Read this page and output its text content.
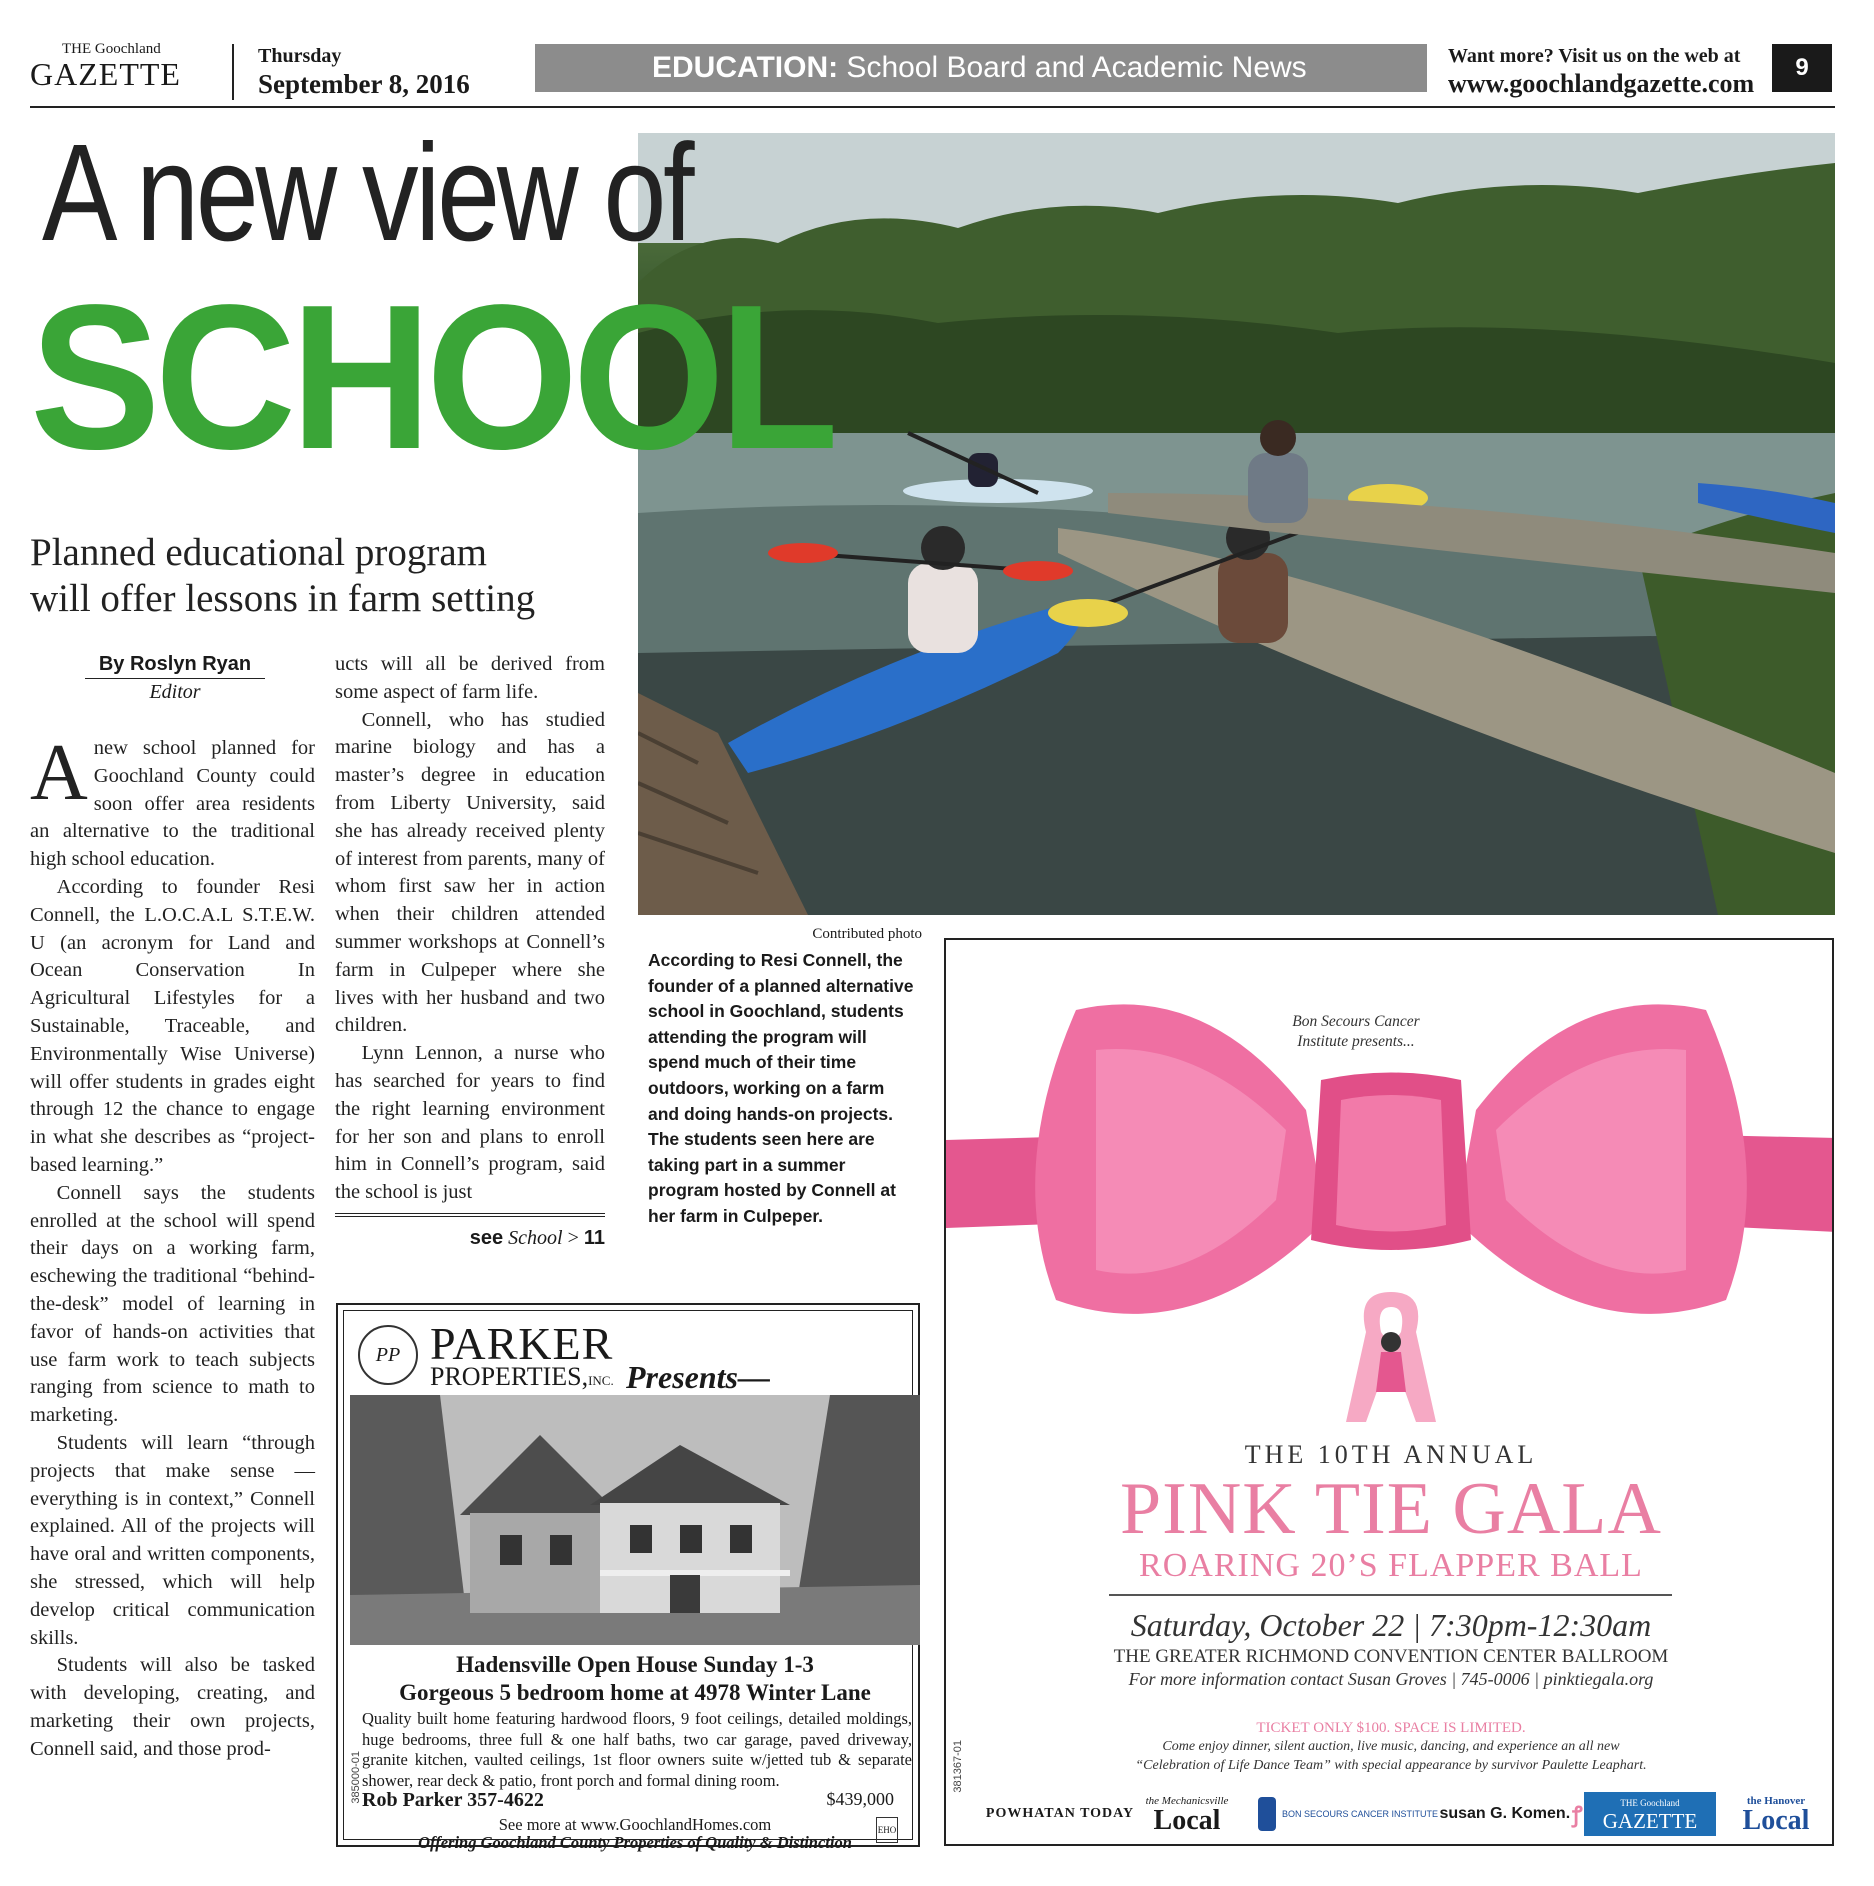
THE Goochland
GAZETTE	Thursday
September 8, 2016	EDUCATION: School Board and Academic News	Want more? Visit us on the web at
www.goochlandgazette.com
9
A new view of
SCHOOL
Planned educational program
will offer lessons in farm setting
By Roslyn Ryan
Editor

Anew school planned for Goochland County could soon offer area residents an alternative to the traditional high school education.

According to founder Resi Connell, the L.O.C.A.L S.T.E.W. U (an acronym for Land and Ocean Conservation In Agricultural Lifestyles for a Sustainable, Traceable, and Environmentally Wise Universe) will offer students in grades eight through 12 the chance to engage in what she describes as “project-based learning.”

Connell says the students enrolled at the school will spend their days on a working farm, eschewing the traditional “behind-the-desk” model of learning in favor of hands-on activities that use farm work to teach subjects ranging from science to math to marketing.

Students will learn “through projects that make sense — everything is in context,” Connell explained. All of the projects will have oral and written components, she stressed, which will help develop critical communication skills.

Students will also be tasked with developing, creating, and marketing their own projects, Connell said, and those prod-

ucts will all be derived from some aspect of farm life.

Connell, who has studied marine biology and has a master’s degree in education from Liberty University, said she has already received plenty of interest from parents, many of whom first saw her in action when their children attended summer workshops at Connell’s farm in Culpeper where she lives with her husband and two children.

Lynn Lennon, a nurse who has searched for years to find the right learning environment for her son and plans to enroll him in Connell’s program, said the school is just

see School > 11
Contributed photo
According to Resi Connell, the founder of a planned alternative school in Goochland, students attending the program will spend much of their time outdoors, working on a farm and doing hands-on projects. The students seen here are taking part in a summer program hosted by Connell at her farm in Culpeper.
PP PARKER
PROPERTIES,INC. Presents—
Hadensville Open House Sunday 1-3
Gorgeous 5 bedroom home at 4978 Winter Lane
Quality built home featuring hardwood floors, 9 foot ceilings, detailed moldings, huge bedrooms, three full & one half baths, two car garage, paved driveway, granite kitchen, vaulted ceilings, 1st floor owners suite w/jetted tub & separate shower, rear deck & patio, front porch and formal dining room.
Rob Parker 357-4622	$439,000
See more at www.GoochlandHomes.com
Offering Goochland County Properties of Quality & Distinction
EHO
385000-01
Bon Secours Cancer Institute presents...
THE 10TH ANNUAL
PINK TIE GALA
ROARING 20’S FLAPPER BALL
Saturday, October 22 | 7:30pm-12:30am
THE GREATER RICHMOND CONVENTION CENTER BALLROOM
For more information contact Susan Groves | 745-0006 | pinktiegala.org
TICKET ONLY $100. SPACE IS LIMITED.
Come enjoy dinner, silent auction, live music, dancing, and experience an all new “Celebration of Life Dance Team” with special appearance by survivor Paulette Leaphart.
381367-01
POWHATAN TODAY
the Mechanicsville
Local	BON SECOURS CANCER INSTITUTE susan G. Komen. ꝭ	THE Goochland
GAZETTE
the Hanover
Local
